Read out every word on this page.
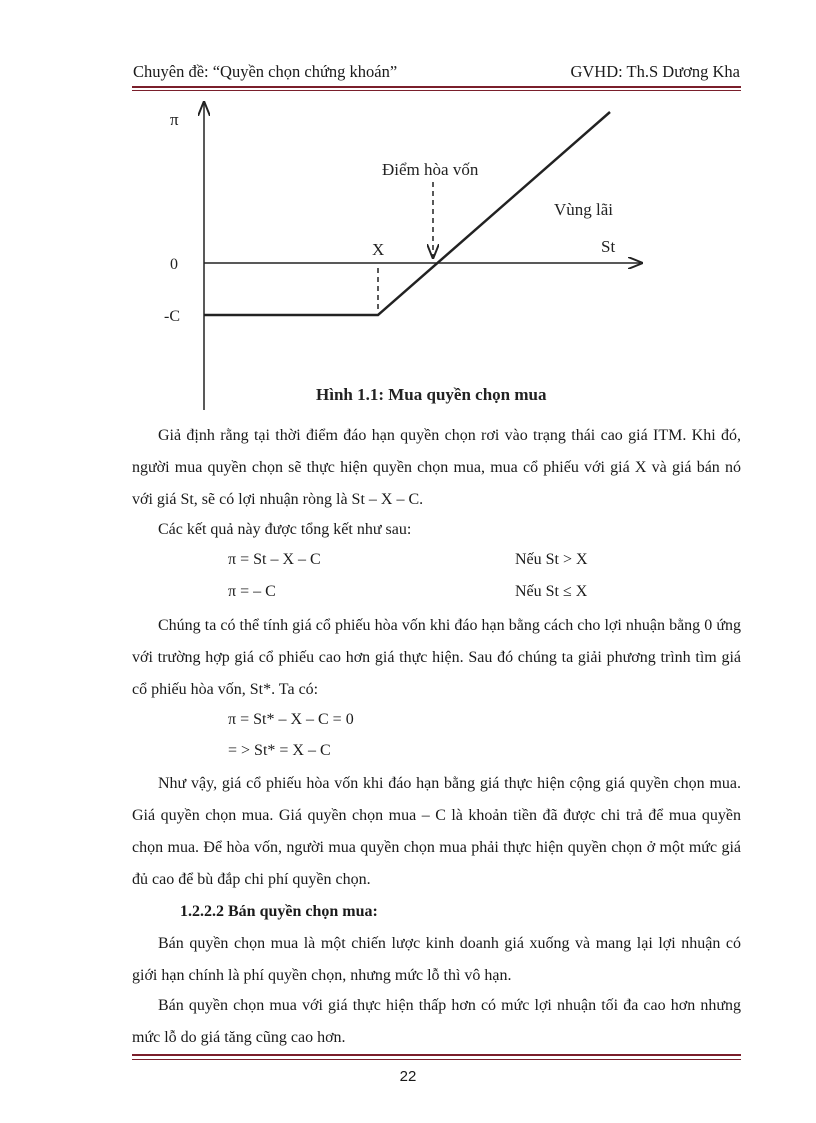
Chuyên đề: “Quyền chọn chứng khoán”	GVHD: Th.S Dương Kha
π
0
-C
X	St
Điểm hòa vốn
Vùng lãi
Hình 1.1: Mua quyền chọn mua
Giả định rằng tại thời điểm đáo hạn quyền chọn rơi vào trạng thái cao giá ITM. Khi đó, người mua quyền chọn sẽ thực hiện quyền chọn mua, mua cổ phiếu với giá X và giá bán nó với giá St, sẽ có lợi nhuận ròng là St – X – C.
Các kết quả này được tổng kết như sau:
π = St – X – C	Nếu St > X
π = – C	Nếu St ≤ X
Chúng ta có thể tính giá cổ phiếu hòa vốn khi đáo hạn bằng cách cho lợi nhuận bằng 0 ứng với trường hợp giá cổ phiếu cao hơn giá thực hiện. Sau đó chúng ta giải phương trình tìm giá cổ phiếu hòa vốn, St*. Ta có:
π = St* – X – C = 0
= > St* = X – C
Như vậy, giá cổ phiếu hòa vốn khi đáo hạn bằng giá thực hiện cộng giá quyền chọn mua. Giá quyền chọn mua. Giá quyền chọn mua – C là khoản tiền đã được chi trả để mua quyền chọn mua. Để hòa vốn, người mua quyền chọn mua phải thực hiện quyền chọn ở một mức giá đủ cao để bù đắp chi phí quyền chọn.
1.2.2.2 Bán quyền chọn mua:
Bán quyền chọn mua là một chiến lược kinh doanh giá xuống và mang lại lợi nhuận có giới hạn chính là phí quyền chọn, nhưng mức lỗ thì vô hạn.
Bán quyền chọn mua với giá thực hiện thấp hơn có mức lợi nhuận tối đa cao hơn nhưng mức lỗ do giá tăng cũng cao hơn.
22
